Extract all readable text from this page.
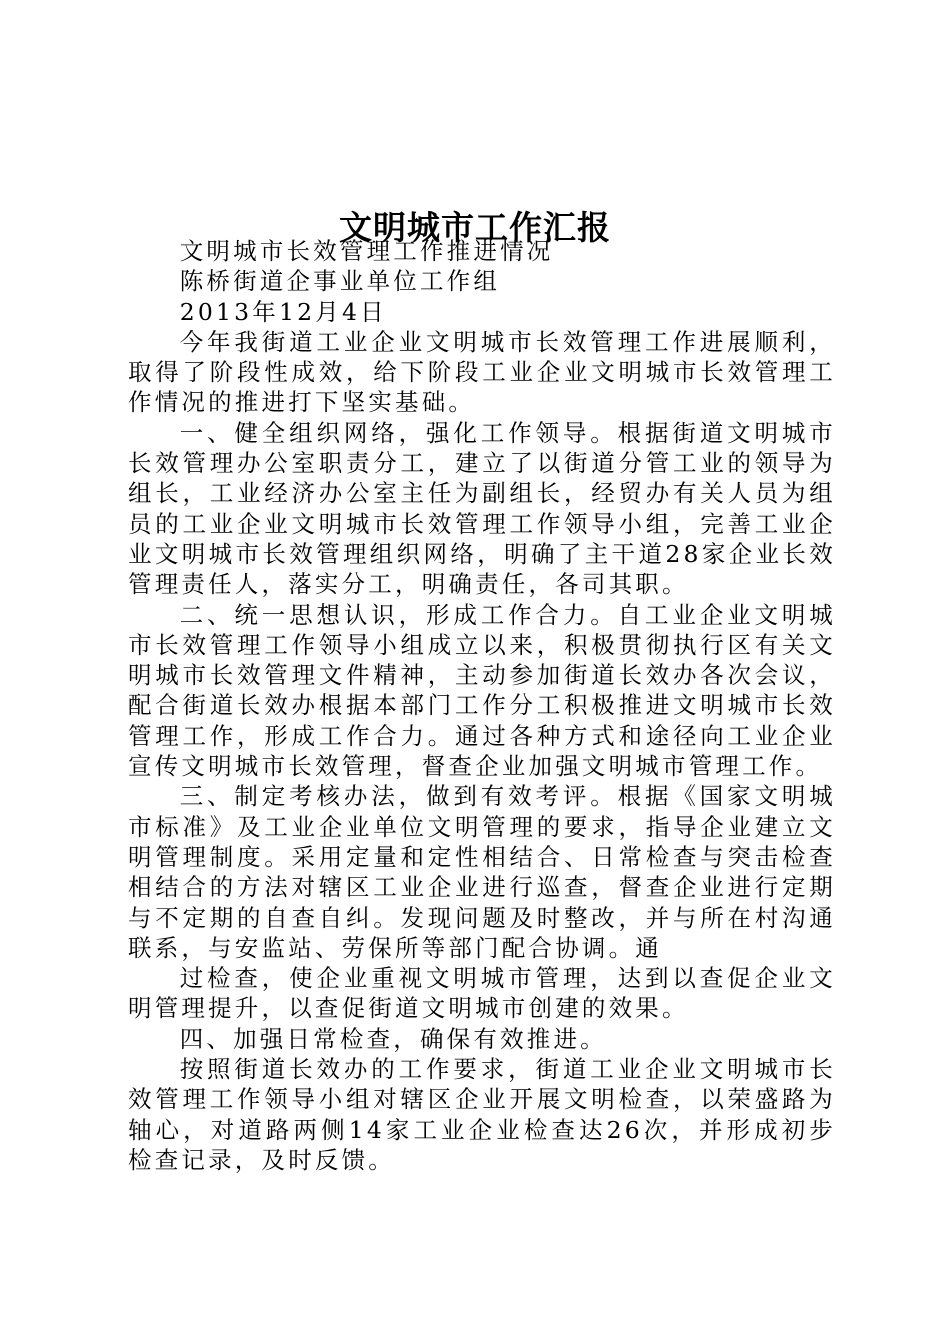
文明城市工作汇报

文明城市长效管理工作推进情况

陈桥街道企事业单位工作组

2013年12月4日

今年我街道工业企业文明城市长效管理工作进展顺利，取得了阶段性成效，给下阶段工业企业文明城市长效管理工作情况的推进打下坚实基础。

一、健全组织网络，强化工作领导。根据街道文明城市长效管理办公室职责分工，建立了以街道分管工业的领导为组长，工业经济办公室主任为副组长，经贸办有关人员为组员的工业企业文明城市长效管理工作领导小组，完善工业企业文明城市长效管理组织网络，明确了主干道28家企业长效管理责任人，落实分工，明确责任，各司其职。

二、统一思想认识，形成工作合力。自工业企业文明城市长效管理工作领导小组成立以来，积极贯彻执行区有关文明城市长效管理文件精神，主动参加街道长效办各次会议，配合街道长效办根据本部门工作分工积极推进文明城市长效管理工作，形成工作合力。通过各种方式和途径向工业企业宣传文明城市长效管理，督查企业加强文明城市管理工作。

三、制定考核办法，做到有效考评。根据《国家文明城市标准》及工业企业单位文明管理的要求，指导企业建立文明管理制度。采用定量和定性相结合、日常检查与突击检查相结合的方法对辖区工业企业进行巡查，督查企业进行定期与不定期的自查自纠。发现问题及时整改，并与所在村沟通联系，与安监站、劳保所等部门配合协调。通

过检查，使企业重视文明城市管理，达到以查促企业文明管理提升，以查促街道文明城市创建的效果。

四、加强日常检查，确保有效推进。

按照街道长效办的工作要求，街道工业企业文明城市长效管理工作领导小组对辖区企业开展文明检查，以荣盛路为轴心，对道路两侧14家工业企业检查达26次，并形成初步检查记录，及时反馈。
